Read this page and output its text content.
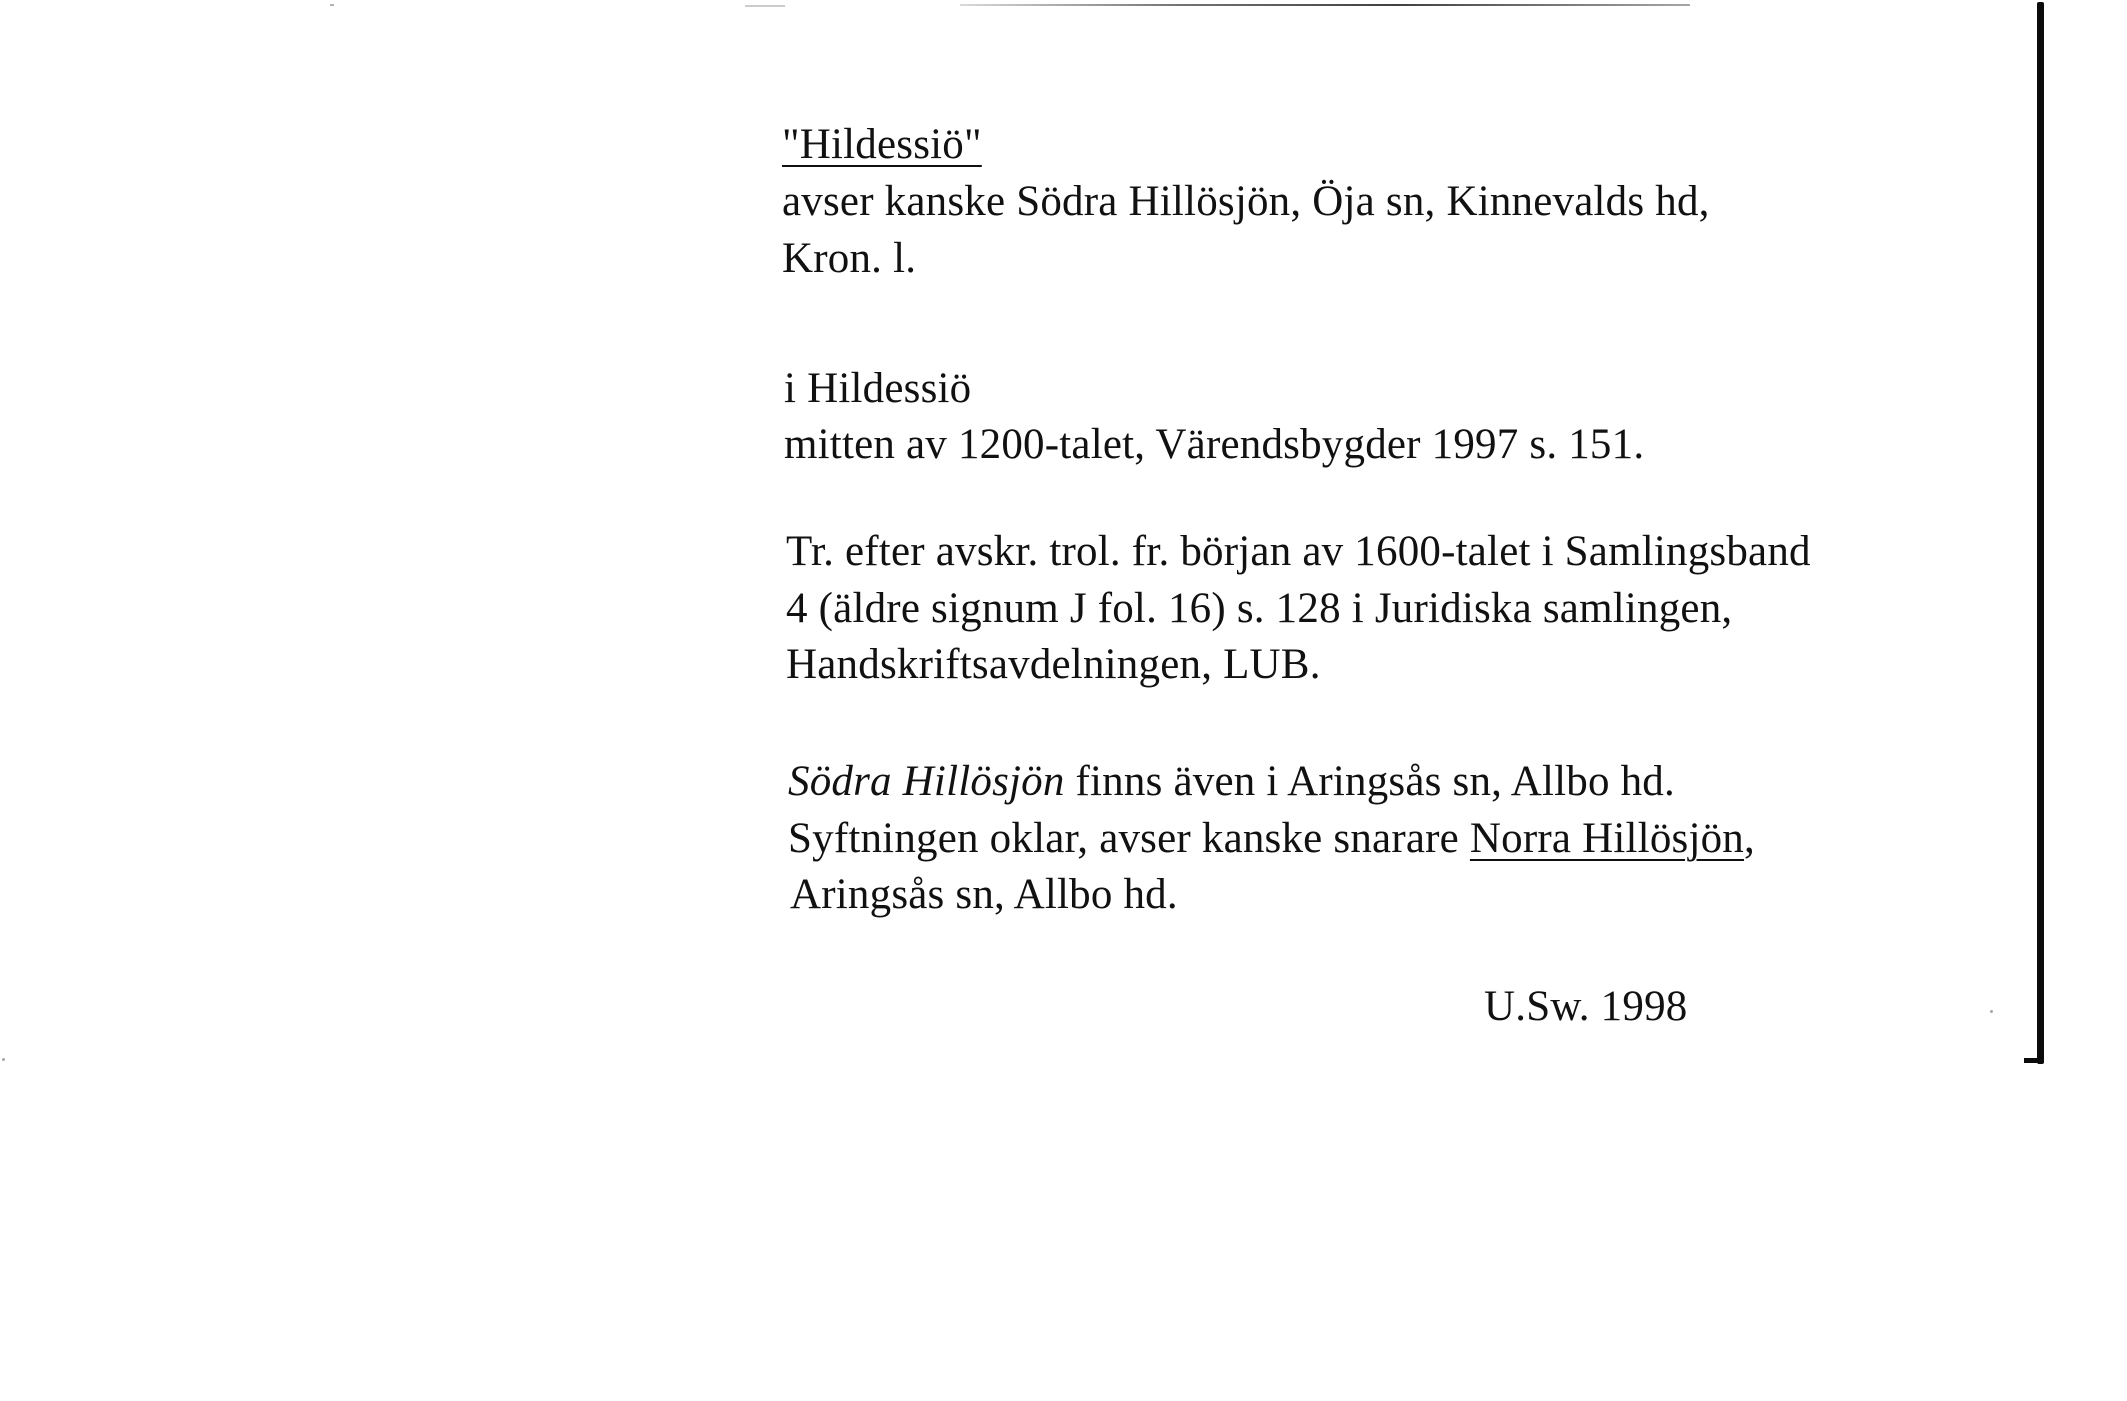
"Hildessiö"
avser kanske Södra Hillösjön, Öja sn, Kinnevalds hd,
Kron. l.
i Hildessiö
mitten av 1200-talet, Värendsbygder 1997 s. 151.
Tr. efter avskr. trol. fr. början av 1600-talet i Samlingsband
4 (äldre signum J fol. 16) s. 128 i Juridiska samlingen,
Handskriftsavdelningen, LUB.
Södra Hillösjön finns även i Aringsås sn, Allbo hd.
Syftningen oklar, avser kanske snarare Norra Hillösjön,
Aringsås sn, Allbo hd.
U.Sw. 1998
